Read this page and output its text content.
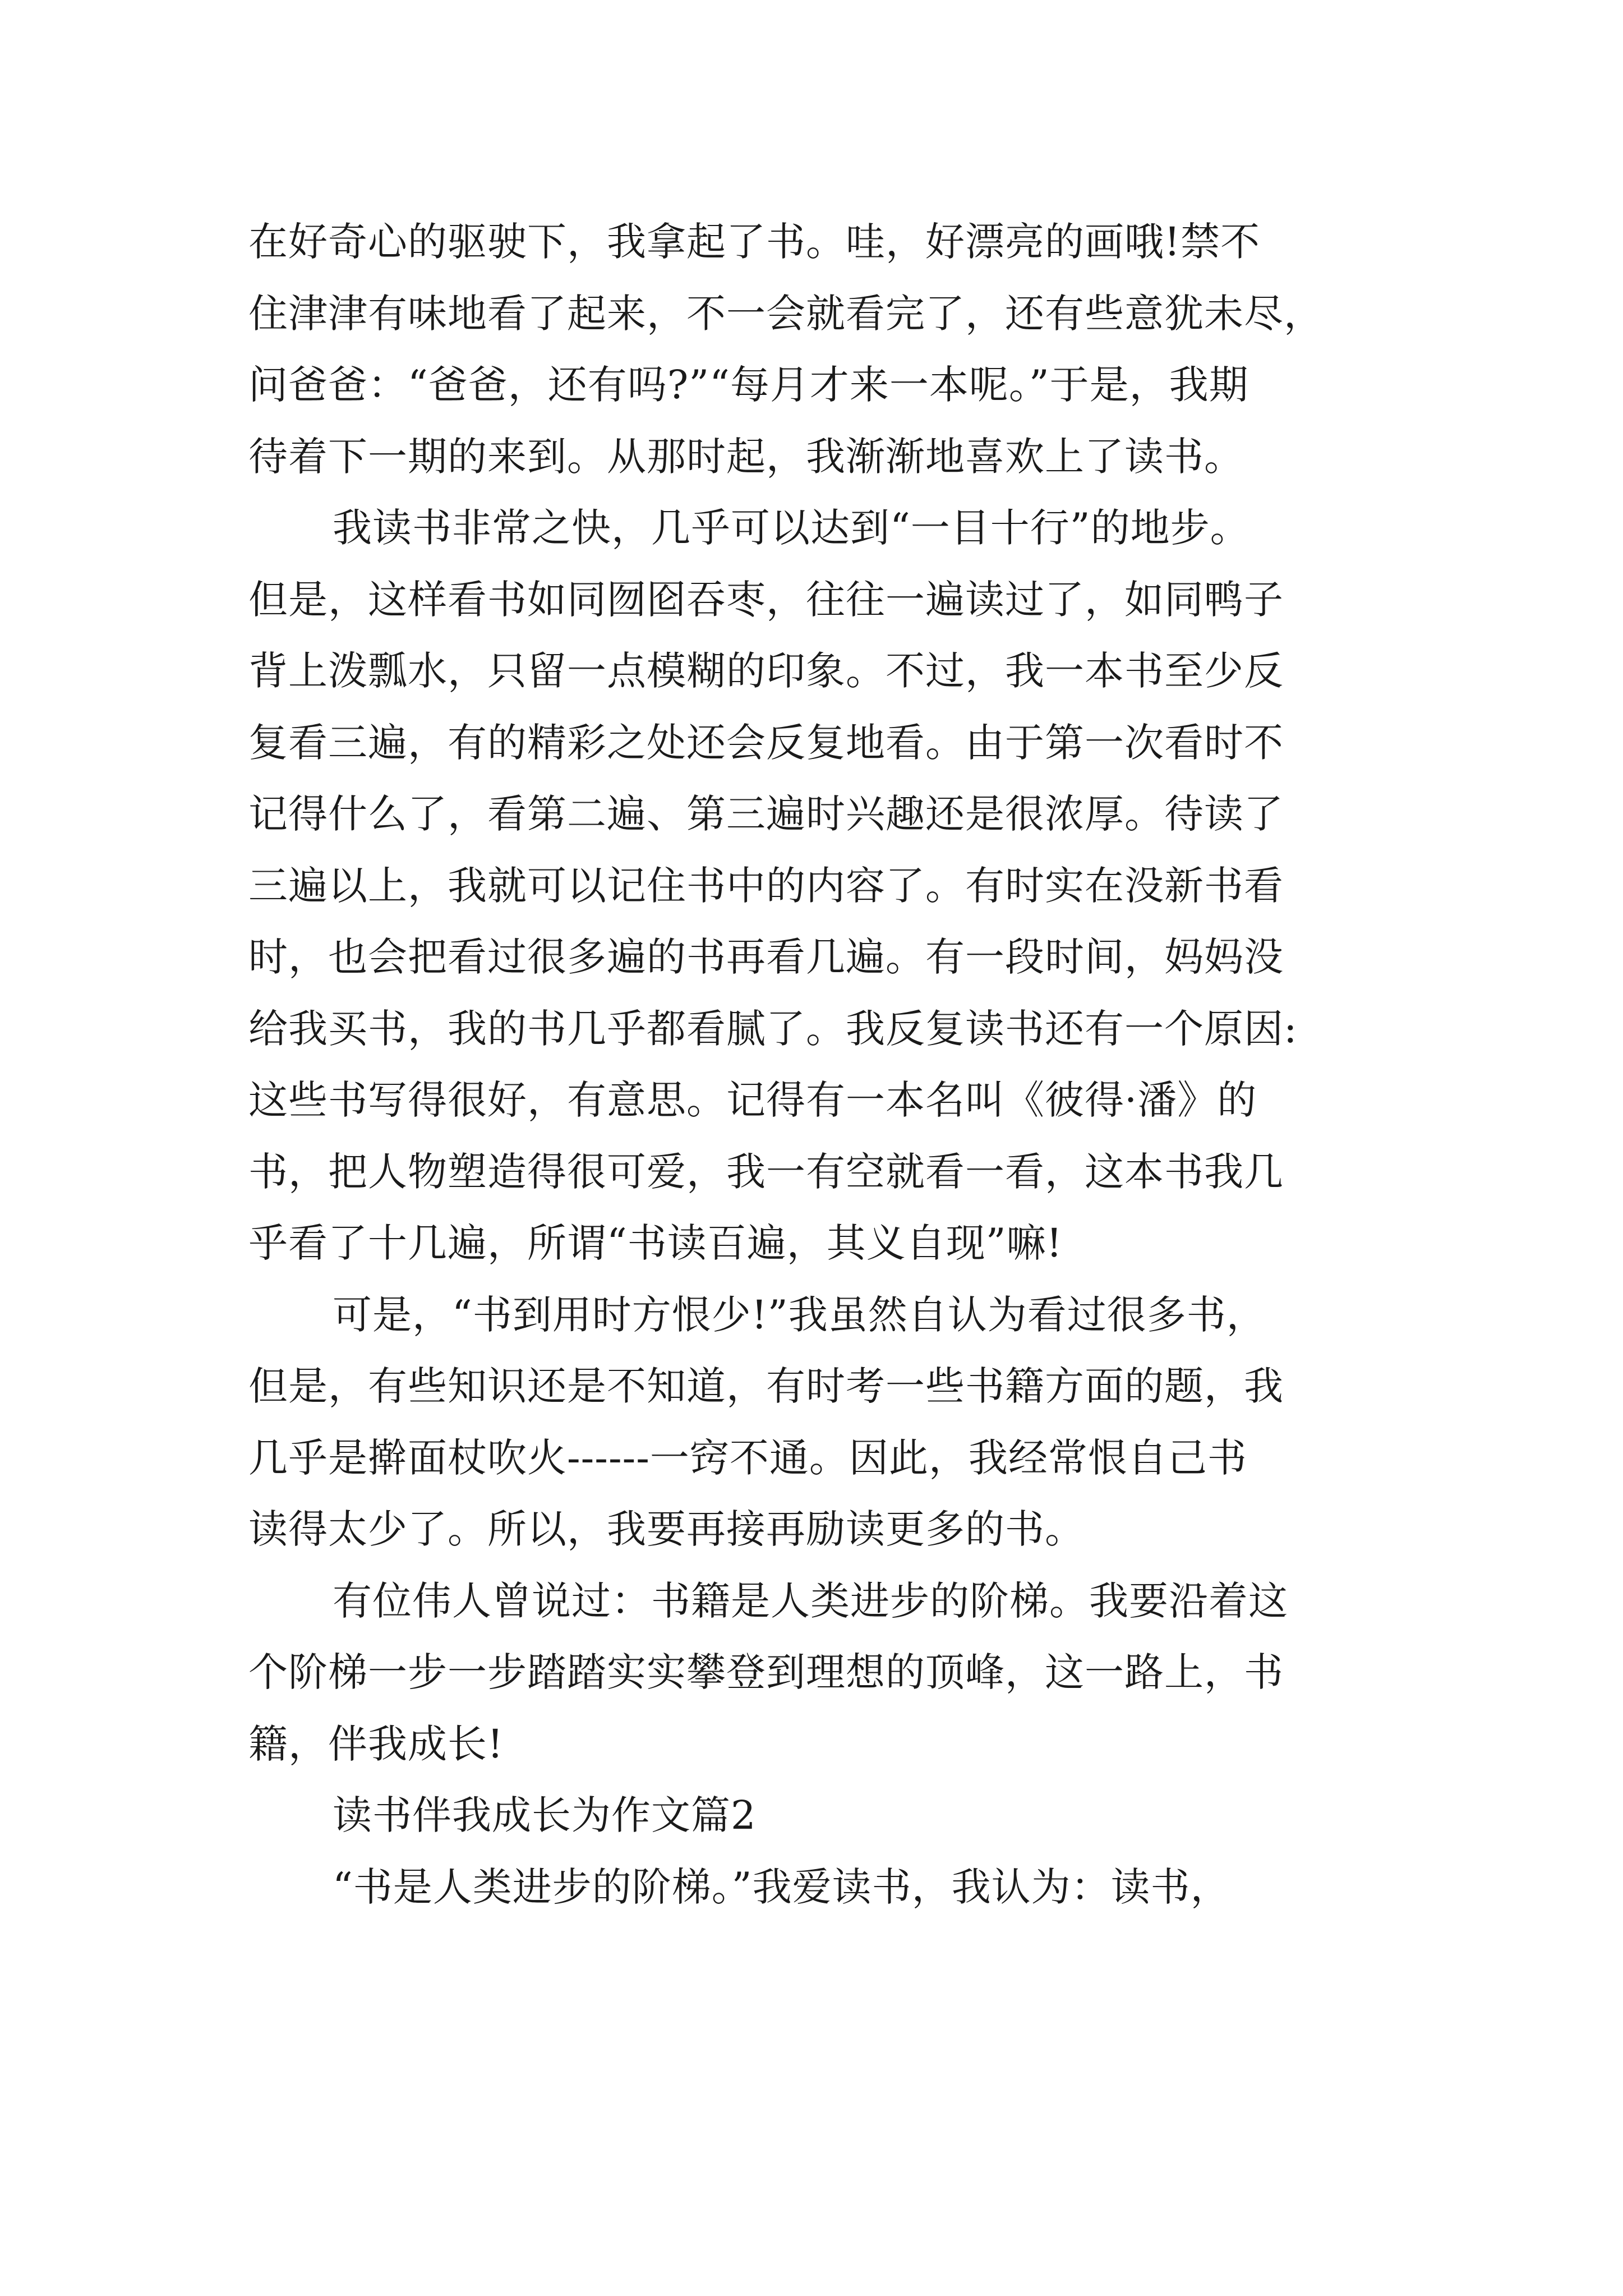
在好奇心的驱驶下，我拿起了书。哇，好漂亮的画哦!禁不
住津津有味地看了起来，不一会就看完了，还有些意犹未尽，
问爸爸：“爸爸，还有吗?”“每月才来一本呢。”于是，我期
待着下一期的来到。从那时起，我渐渐地喜欢上了读书。
我读书非常之快，几乎可以达到“一目十行”的地步。
但是，这样看书如同囫囵吞枣，往往一遍读过了，如同鸭子
背上泼瓢水，只留一点模糊的印象。不过，我一本书至少反
复看三遍，有的精彩之处还会反复地看。由于第一次看时不
记得什么了，看第二遍、第三遍时兴趣还是很浓厚。待读了
三遍以上，我就可以记住书中的内容了。有时实在没新书看
时，也会把看过很多遍的书再看几遍。有一段时间，妈妈没
给我买书，我的书几乎都看腻了。我反复读书还有一个原因:
这些书写得很好，有意思。记得有一本名叫《彼得·潘》的
书，把人物塑造得很可爱，我一有空就看一看，这本书我几
乎看了十几遍，所谓“书读百遍，其义自现”嘛!
可是，“书到用时方恨少!”我虽然自认为看过很多书，
但是，有些知识还是不知道，有时考一些书籍方面的题，我
几乎是擀面杖吹火------一窍不通。因此，我经常恨自己书
读得太少了。所以，我要再接再励读更多的书。
有位伟人曾说过：书籍是人类进步的阶梯。我要沿着这
个阶梯一步一步踏踏实实攀登到理想的顶峰，这一路上，书
籍，伴我成长!
读书伴我成长为作文篇2
“书是人类进步的阶梯。”我爱读书，我认为：读书，
